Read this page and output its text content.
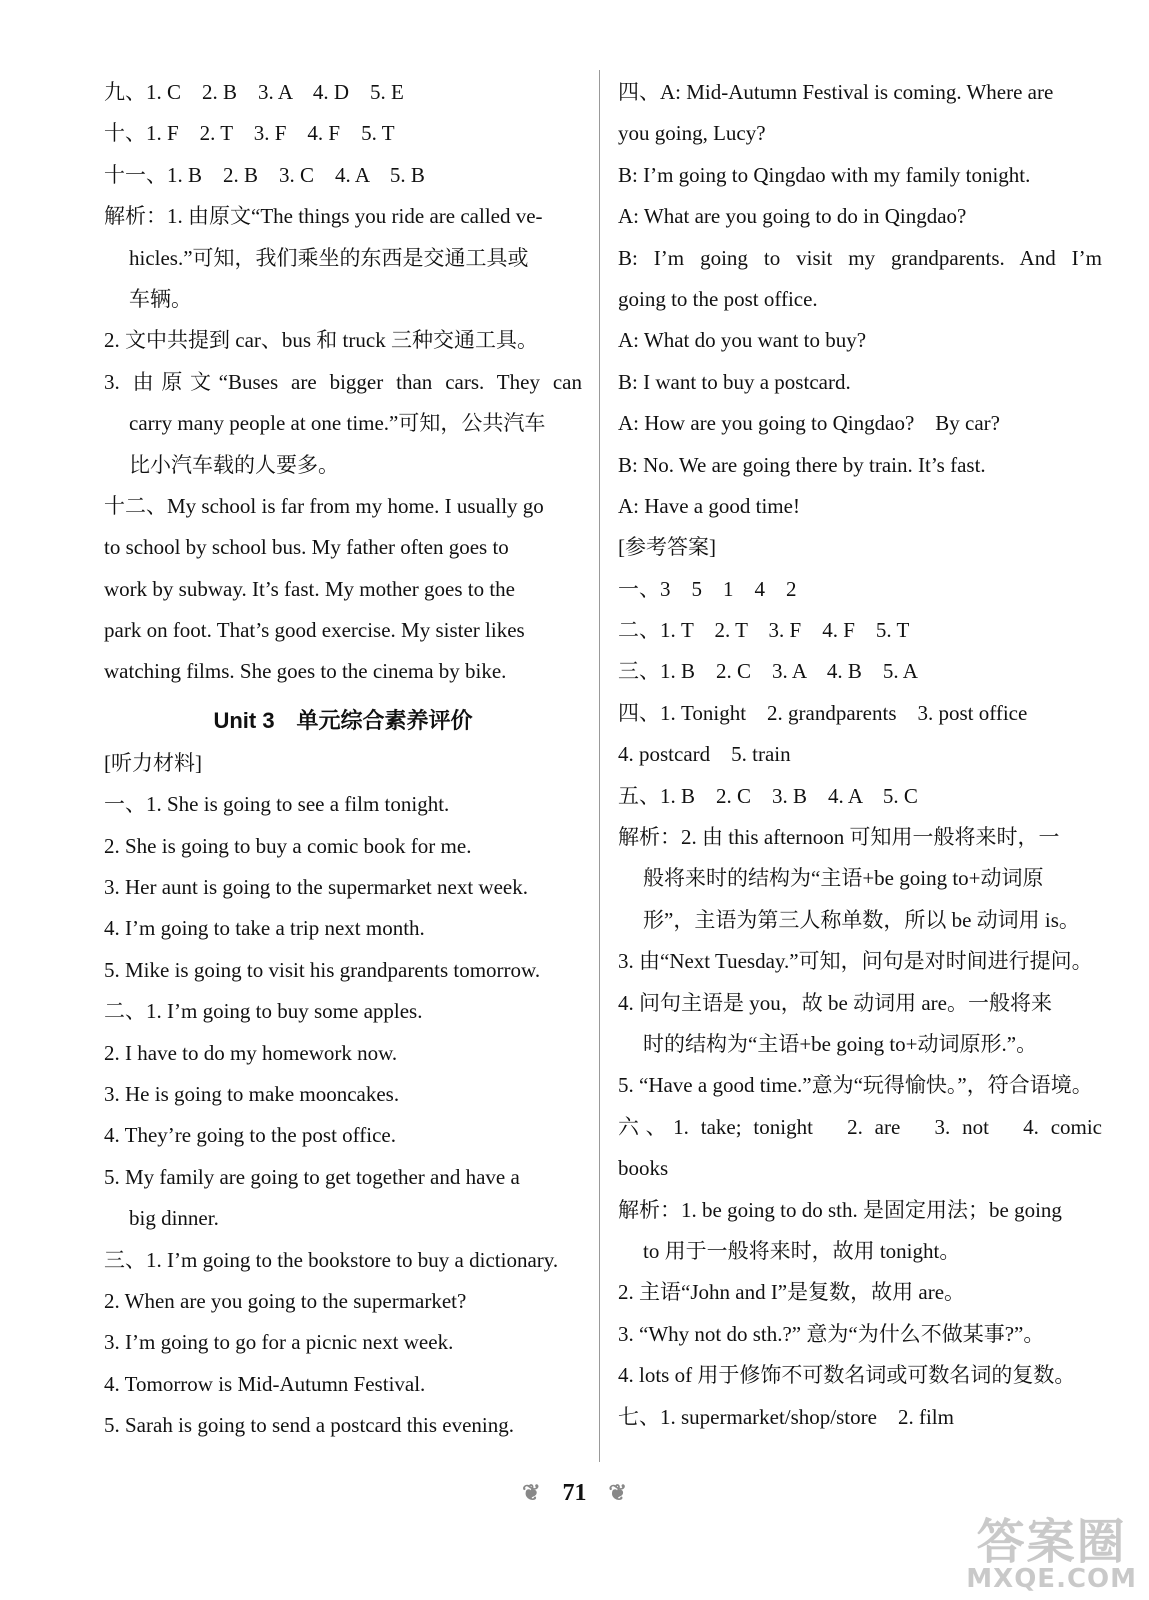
九、1. C　2. B　3. A　4. D　5. E
十、1. F　2. T　3. F　4. F　5. T
十一、1. B　2. B　3. C　4. A　5. B
解析：1. 由原文“The things you ride are called ve-
hicles.”可知，我们乘坐的东西是交通工具或
车辆。
2. 文中共提到 car、bus 和 truck 三种交通工具。
3. 由原文“Buses are bigger than cars. They can
carry many people at one time.”可知，公共汽车
比小汽车载的人要多。
十二、My school is far from my home. I usually go
to school by school bus. My father often goes to
work by subway. It’s fast. My mother goes to the
park on foot. That’s good exercise. My sister likes
watching films. She goes to the cinema by bike.
Unit 3　单元综合素养评价
[听力材料]
一、1. She is going to see a film tonight.
2. She is going to buy a comic book for me.
3. Her aunt is going to the supermarket next week.
4. I’m going to take a trip next month.
5. Mike is going to visit his grandparents tomorrow.
二、1. I’m going to buy some apples.
2. I have to do my homework now.
3. He is going to make mooncakes.
4. They’re going to the post office.
5. My family are going to get together and have a
big dinner.
三、1. I’m going to the bookstore to buy a dictionary.
2. When are you going to the supermarket?
3. I’m going to go for a picnic next week.
4. Tomorrow is Mid-Autumn Festival.
5. Sarah is going to send a postcard this evening.
四、A: Mid-Autumn Festival is coming. Where are
you going, Lucy?
B: I’m going to Qingdao with my family tonight.
A: What are you going to do in Qingdao?
B: I’m going to visit my grandparents. And I’m
going to the post office.
A: What do you want to buy?
B: I want to buy a postcard.
A: How are you going to Qingdao?　By car?
B: No. We are going there by train. It’s fast.
A: Have a good time!
[参考答案]
一、3　5　1　4　2
二、1. T　2. T　3. F　4. F　5. T
三、1. B　2. C　3. A　4. B　5. A
四、1. Tonight　2. grandparents　3. post office
4. postcard　5. train
五、1. B　2. C　3. B　4. A　5. C
解析：2. 由 this afternoon 可知用一般将来时，一
般将来时的结构为“主语+be going to+动词原
形”，主语为第三人称单数，所以 be 动词用 is。
3. 由“Next Tuesday.”可知，问句是对时间进行提问。
4. 问句主语是 you，故 be 动词用 are。一般将来
时的结构为“主语+be going to+动词原形.”。
5. “Have a good time.”意为“玩得愉快。”，符合语境。
六、1. take; tonight　2. are　3. not　4. comic
books
解析：1. be going to do sth. 是固定用法；be going
to 用于一般将来时，故用 tonight。
2. 主语“John and I”是复数，故用 are。
3. “Why not do sth.?” 意为“为什么不做某事?”。
4. lots of 用于修饰不可数名词或可数名词的复数。
七、1. supermarket/shop/store　2. film
❦ 71 ❦
答案圈
MXQE.COM
